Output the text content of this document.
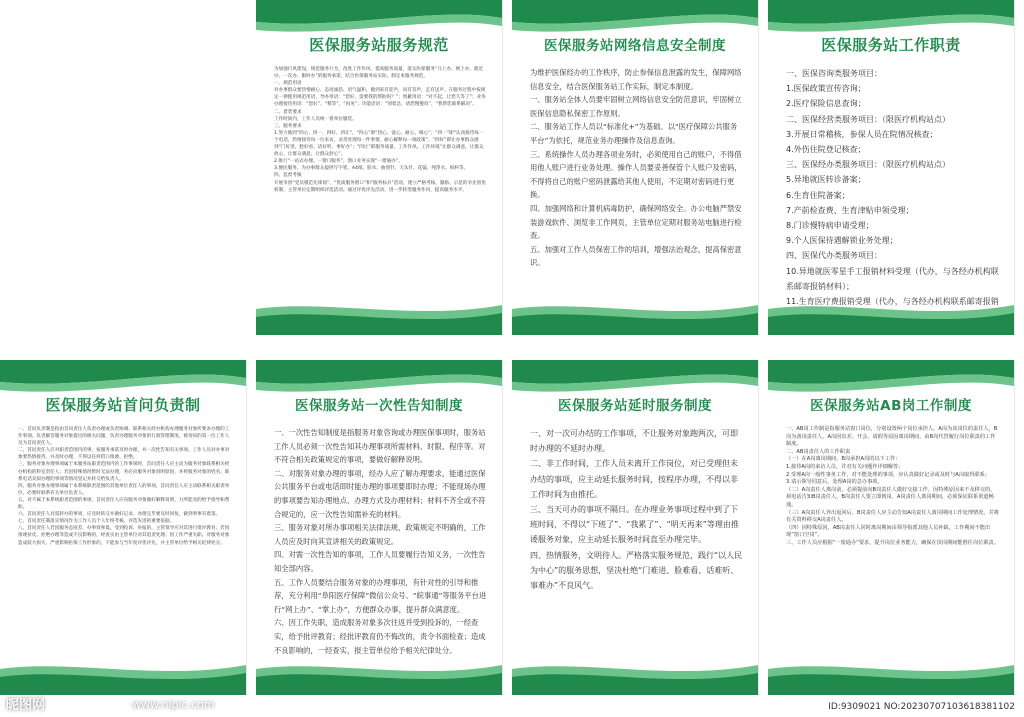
医保服务站服务规范

为加强行风建设，规范服务行为，改进工作作风，提高服务质量，落实医保服务“马上办、网上办、就近办、一次办、限时办”的服务承诺，结合医保服务站实际，制定本服务规范。
一、规范用语
对办事群众要热情耐心、态度诚恳、语气温和，做到来有迎声，问有答声，走有送声。在服务过程中按规定一律使用规范用语，导办用语：“您好，需要我的帮助吗？”；致歉用语：“对不起，让您久等了”；业务办理接待用语：“您好”、“稍等”、“再见”；功能话语：“别着急，请您慢慢说”、“我帮您联系解决”。
二、着装要求
工作时间内，工作人员统一着单位服装。
三、服务要求
1.努力做到“四心、四一、四好、四让”，“四心”即“热心、爱心、耐心、细心”；“四一”即“认真接待每一个电话，热情接待每一位来访，妥善处理每一件事情，耐心解释每一项政策”。“四好”即让办事群众感到“门好进、脸好看、话好听、事好办”；“四让”即服务质量、工作作风、工作环境“让群众满意，让群众放心，让群众满意，让群众舒心”。
2.推行“一站式办理、一窗口服务”，窗口业务实现“一窗通办”。
3.便民服务。为办事群众提供写字笔、A4纸、胶水、曲别针、大头针、花镜、纯净水、纸杯等。
四、监督考核
开展争创“党员模范先锋岗”、“优质服务窗口”和“服务标兵”活动，建立严格考核、激励、示范的争先创优机制，主管单位定期组织评选活动。通过评优评先活动，进一步转变服务作风，提高服务水平。

医保服务站网络信息安全制度

为维护医保经办的工作秩序，防止参保信息泄露的发生，保障网络信息安全，结合医保服务站工作实际，制定本制度。
一、服务站全体人员要牢固树立网络信息安全防范意识，牢固树立医保信息隐私保密工作原则。
二、服务站工作人员以“标准化+”为基础、以“医疗保障公共服务平台”为依托，规范业务办理操作及信息查询。
三、系统操作人员办理各项业务时，必须使用自己的账户，不得借用他人账户进行业务处理。操作人员要妥善保管个人账户及密码，不得将自己的账户密码泄露给其他人使用，不定期对密码进行更换。
四、加强网络和计算机病毒防护，确保网络安全。办公电脑严禁安装游戏软件、浏览非工作网页，主管单位定期对服务站电脑进行检查。
五、加强对工作人员保密工作的培训，增强法治观念，提高保密意识。

医保服务站工作职责

一、医保咨询类服务项目：
1.医保政策宣传咨询；
2.医疗保险信息查询；
二、医保经营类服务项目：（限医疗机构站点）
3.开展日常稽核，参保人员在院情况核查；
4.外伤住院登记核查；
三、医保经办类服务项目：（限医疗机构站点）
5.异地就医转诊备案；
6.生育住院备案；
7.产前检查费、生育津贴申领受理；
8.门诊慢特病申请受理；
9.个人医保待遇解锁业务处理；
四、医保代办类服务项目：
10.异地就医零星手工报销材料受理（代办，与各经办机构联系邮寄报销材料）；
11.生育医疗费报销受理（代办，与各经办机构联系邮寄报销

医保服务站首问负责制

一、首问负责制是指由首问责任人负责办理或负责协调、联系相关经办机构办理服务对象所要求办理的工作事项。负责解答服务对象提出的相关问题，负责办理服务对象的行政管理制度。被询问的第一位工作人员为首问责任人。
二、首问责任人应对职责范围内的事，按服务承诺及时办理，并一次性告知有关事项。工作人员对办事对象要热情接待，并及时办理，不得以任何借口推诿、拒绝。
三、服务对象办理事项属于本服务站职责范围内的工作事项时，首问责任人应主动为服务对象联系相关经办机构的科室责任人；若因特殊情况暂时无法办理，务必向服务对象说明原因，并将服务对象的姓名、联系电话及拟办理的事项等情况登记并转交给负责人。
四、服务对象办理事项属于本系统职责范围的其他单位责任人的事项，首问责任人应主动联系相关职责单位，必要时联系有关单位负责人。
五、对不属于本系统职责范围的事项，首问责任人应向服务对象做好解释说明，力所能及的给予指导和帮助。
六、首问责任人对需转办的事项，应及时转交并做好记录，办理完毕要及时回复，做到事事有着落。
七、首问责任制落实情况作为工作人员个人年终考核、评选先进的重要依据。
八、首问责任人若因服务态度差、办事效率低，受到投诉、举报的，主管领导应对其进行批评教育；若因推诿扯皮、拒绝办理等造成不良影响的，经查实由主管单位对其追责处理；因工作严重失职、对服务对象造成较大损失、严重影响医保工作形象的，不能参与当年度评优评先，并主管单位给予相关纪律处分。

医保服务站一次性告知制度

一、一次性告知制度是指服务对象咨询或办理医保事项时，服务站工作人员必须一次性告知其办理事项所需材料、时限、程序等。对不符合相关政策规定的事项，要做好解释说明。
二、对服务对象办理的事项，经办人应了解办理要求，能通过医保公共服务平台或电话即时能办理的事项要即时办理；不能现场办理的事项要告知办理地点、办理方式及办理材料；材料不齐全或不符合规定的，应一次性告知需补充的材料。
三、服务对象对所办事项相关法律法规、政策规定不明确的，工作人员应及时向其宣讲相关的政策规定。
四、对需一次性告知的事项，工作人员要履行告知义务，一次性告知全部内容。
五、工作人员要结合服务对象的办理事项，有针对性的引导和推荐，充分利用“阜阳医疗保障”微信公众号、“皖事通”等服务平台进行“网上办”、“掌上办”，方便群众办事，提升群众满意度。
六、因工作失职，造成服务对象多次往返并受到投诉的，一经查实，给予批评教育；经批评教育仍不悔改的，责令书面检查；造成不良影响的，一经查实，报主管单位给予相关纪律处分。

医保服务站延时服务制度

一、对一次可办结的工作事项，不让服务对象跑两次，可即时办理的不延时办理。
二、非工作时间，工作人员未离开工作岗位，对已受理但未办结的事项，应主动延长服务时间，按程序办理，不得以非工作时间为由推托。
三、当天可办的事项不隔日。在办理业务事项过程中到了下班时间，不得以“下班了”、“我累了”、“明天再来”等理由推诿服务对象，应主动延长服务时间直至办理完毕。
四、热情服务，文明待人。严格落实服务规范，践行“以人民为中心”的服务思想，坚决杜绝“门难进、脸难看、话难听、事难办”不良风气。

医保服务站AB岗工作制度

一、AB岗工作制是指服务站窗口岗位，分别设置两个岗位承担人，A岗为该岗位的责任人，B岗为备岗责任人，A岗因出差、开会、请假等原因离岗期间，由B岗代替履行岗位职责的工作制度。
二、AB岗责任人的工作职责
（一）在A岗离岗期间，B岗承担A岗的以下工作：
1.接待A岗的来访人员，并对有关问题作详细解答；
2.受理A岗一般性事务工作，对不能处理的事项，应认真做好记录或及时与A岗取得联系；
3.请示领导同意后，处理A岗的急办事项。
（二）A岗责任人离岗前，必须提前向B岗责任人做好交接工作，因特殊原因来不及移交的，须电话告知B岗责任人，B岗责任人要立即到岗。A岗责任人离岗期间，必须保证联系渠道畅通。
（三）A岗责任人外出返回后，B岗责任人应主动告知A岗责任人离岗期间工作处理情况，并将有关资料移交A岗责任人。
（四）因特殊原因，AB岗责任人同时离岗期间由领导指派其他人员补缺，工作期间不能出现“窗口空岗”。
三、工作人员应根据“一窗通办”要求，提升岗位业务能力，确保在顶岗期间能胜任岗位职责。

昵图网	www.nipic.com	ID:9309021 NO:20230707103618381102
